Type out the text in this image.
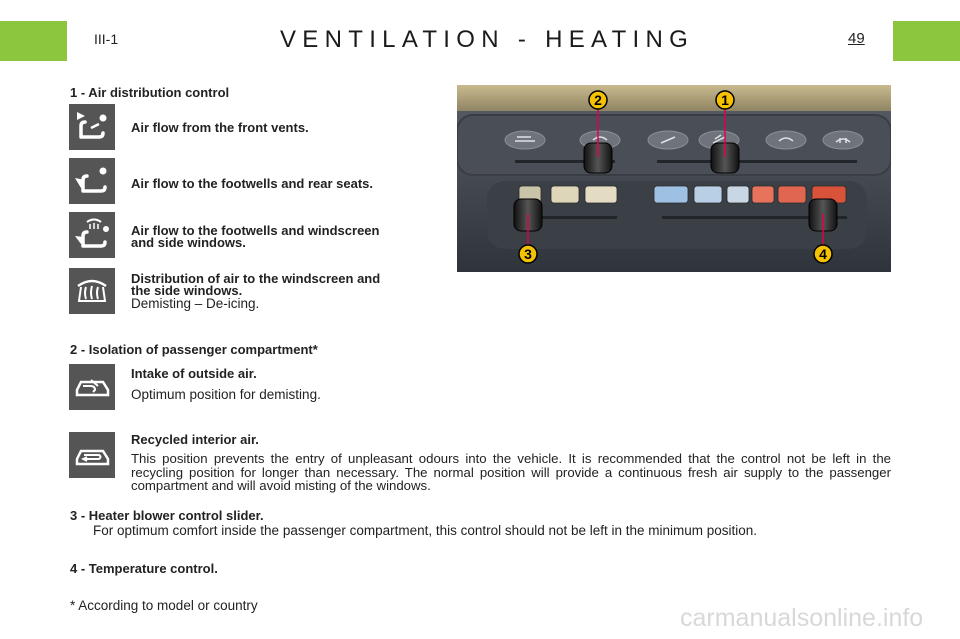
III-1	VENTILATION - HEATING	49
1 - Air distribution control
Air flow from the front vents.
Air flow to the footwells and rear seats.
Air flow to the footwells and windscreen
and side windows.
Distribution of air to the windscreen and
the side windows.
Demisting – De-icing.
2 - Isolation of passenger compartment*
Intake of outside air.
Optimum position for demisting.
Recycled interior air.
This position prevents the entry of unpleasant odours into the vehicle. It is recommended that the control not be left in the recycling position for longer than necessary. The normal position will provide a continuous fresh air supply to the passenger compartment and will avoid misting of the windows.
3 - Heater blower control slider.
For optimum comfort inside the passenger compartment, this control should not be left in the minimum position.
4 - Temperature control.
* According to model or country
2	1
3	4
carmanualsonline.info
